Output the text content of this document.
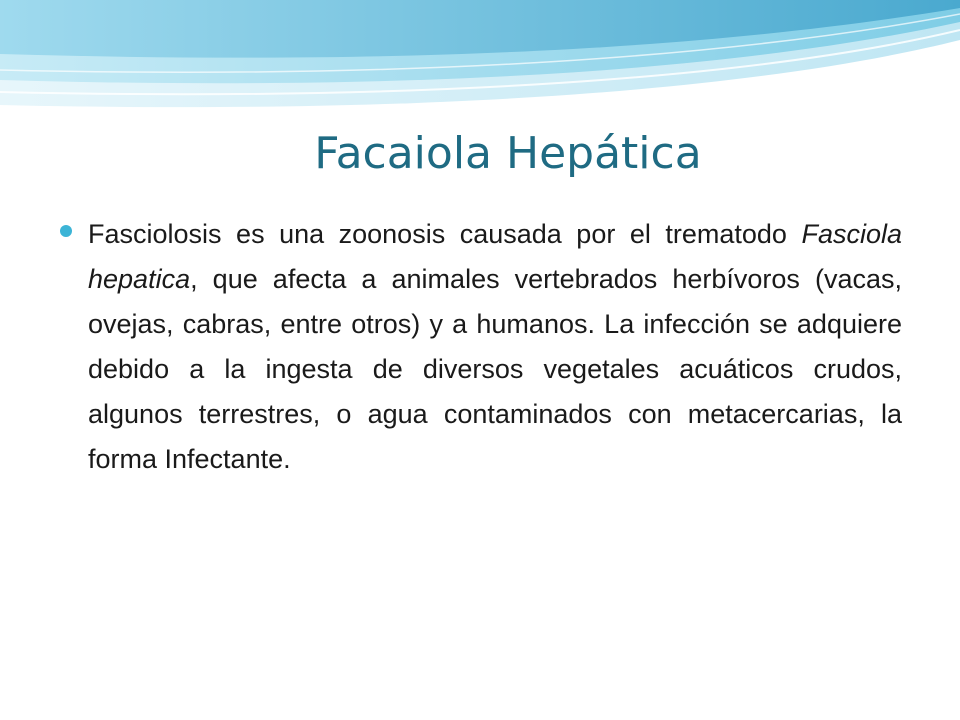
Facaiola Hepática
Fasciolosis es una zoonosis causada por el trematodo Fasciola hepatica, que afecta a animales vertebrados herbívoros (vacas, ovejas, cabras, entre otros) y a humanos. La infección se adquiere debido a la ingesta de diversos vegetales acuáticos crudos, algunos terrestres, o agua contaminados con metacercarias, la forma Infectante.
